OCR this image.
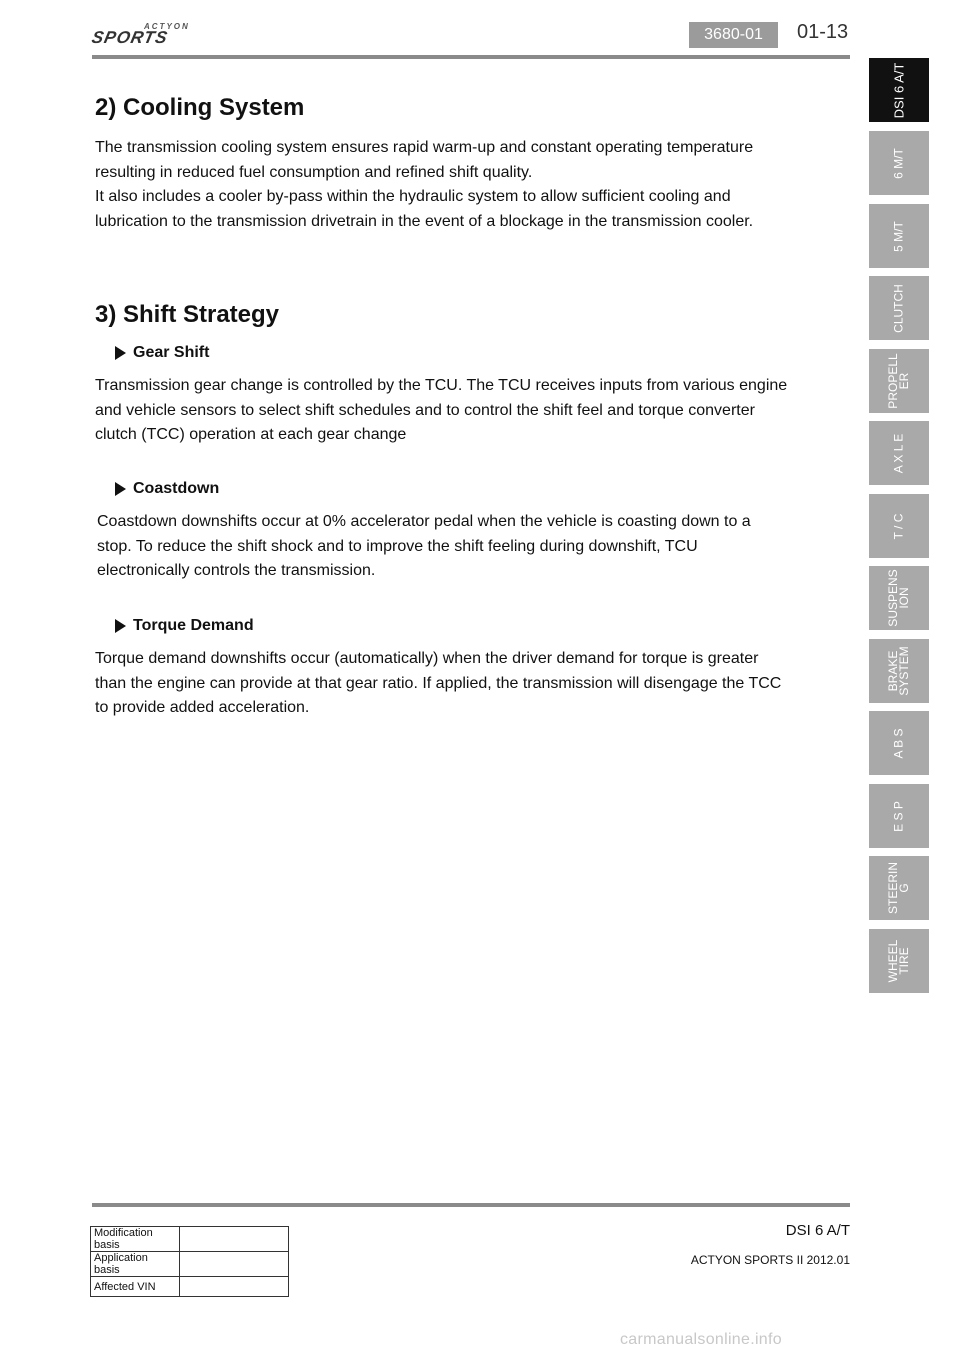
ACTYON
SPORTS	3680-01	01-13
2) Cooling System
The transmission cooling system ensures rapid warm-up and constant operating temperature
resulting in reduced fuel consumption and refined shift quality.
It also includes a cooler by-pass within the hydraulic system to allow sufficient cooling and
lubrication to the transmission drivetrain in the event of a blockage in the transmission cooler.
3) Shift Strategy
Gear Shift
Transmission gear change is controlled by the TCU. The TCU receives inputs from various engine
and vehicle sensors to select shift schedules and to control the shift feel and torque converter
clutch (TCC) operation at each gear change
Coastdown
Coastdown downshifts occur at 0% accelerator pedal when the vehicle is coasting down to a
stop. To reduce the shift shock and to improve the shift feeling during downshift, TCU
electronically controls the transmission.
Torque Demand
Torque demand downshifts occur (automatically) when the driver demand for torque is greater
than the engine can provide at that gear ratio. If applied, the transmission will disengage the TCC
to provide added acceleration.
DSI 6 A/T
6 M/T
5 M/T
CLUTCH
PROPELL
ER
A X L E
T / C
SUSPENS
ION
BRAKE
SYSTEM
A B S
E S P
STEERIN
G
WHEEL
TIRE
Modification basis	
Application basis	
Affected VIN	
DSI 6 A/T
ACTYON SPORTS II 2012.01
carmanualsonline.info
